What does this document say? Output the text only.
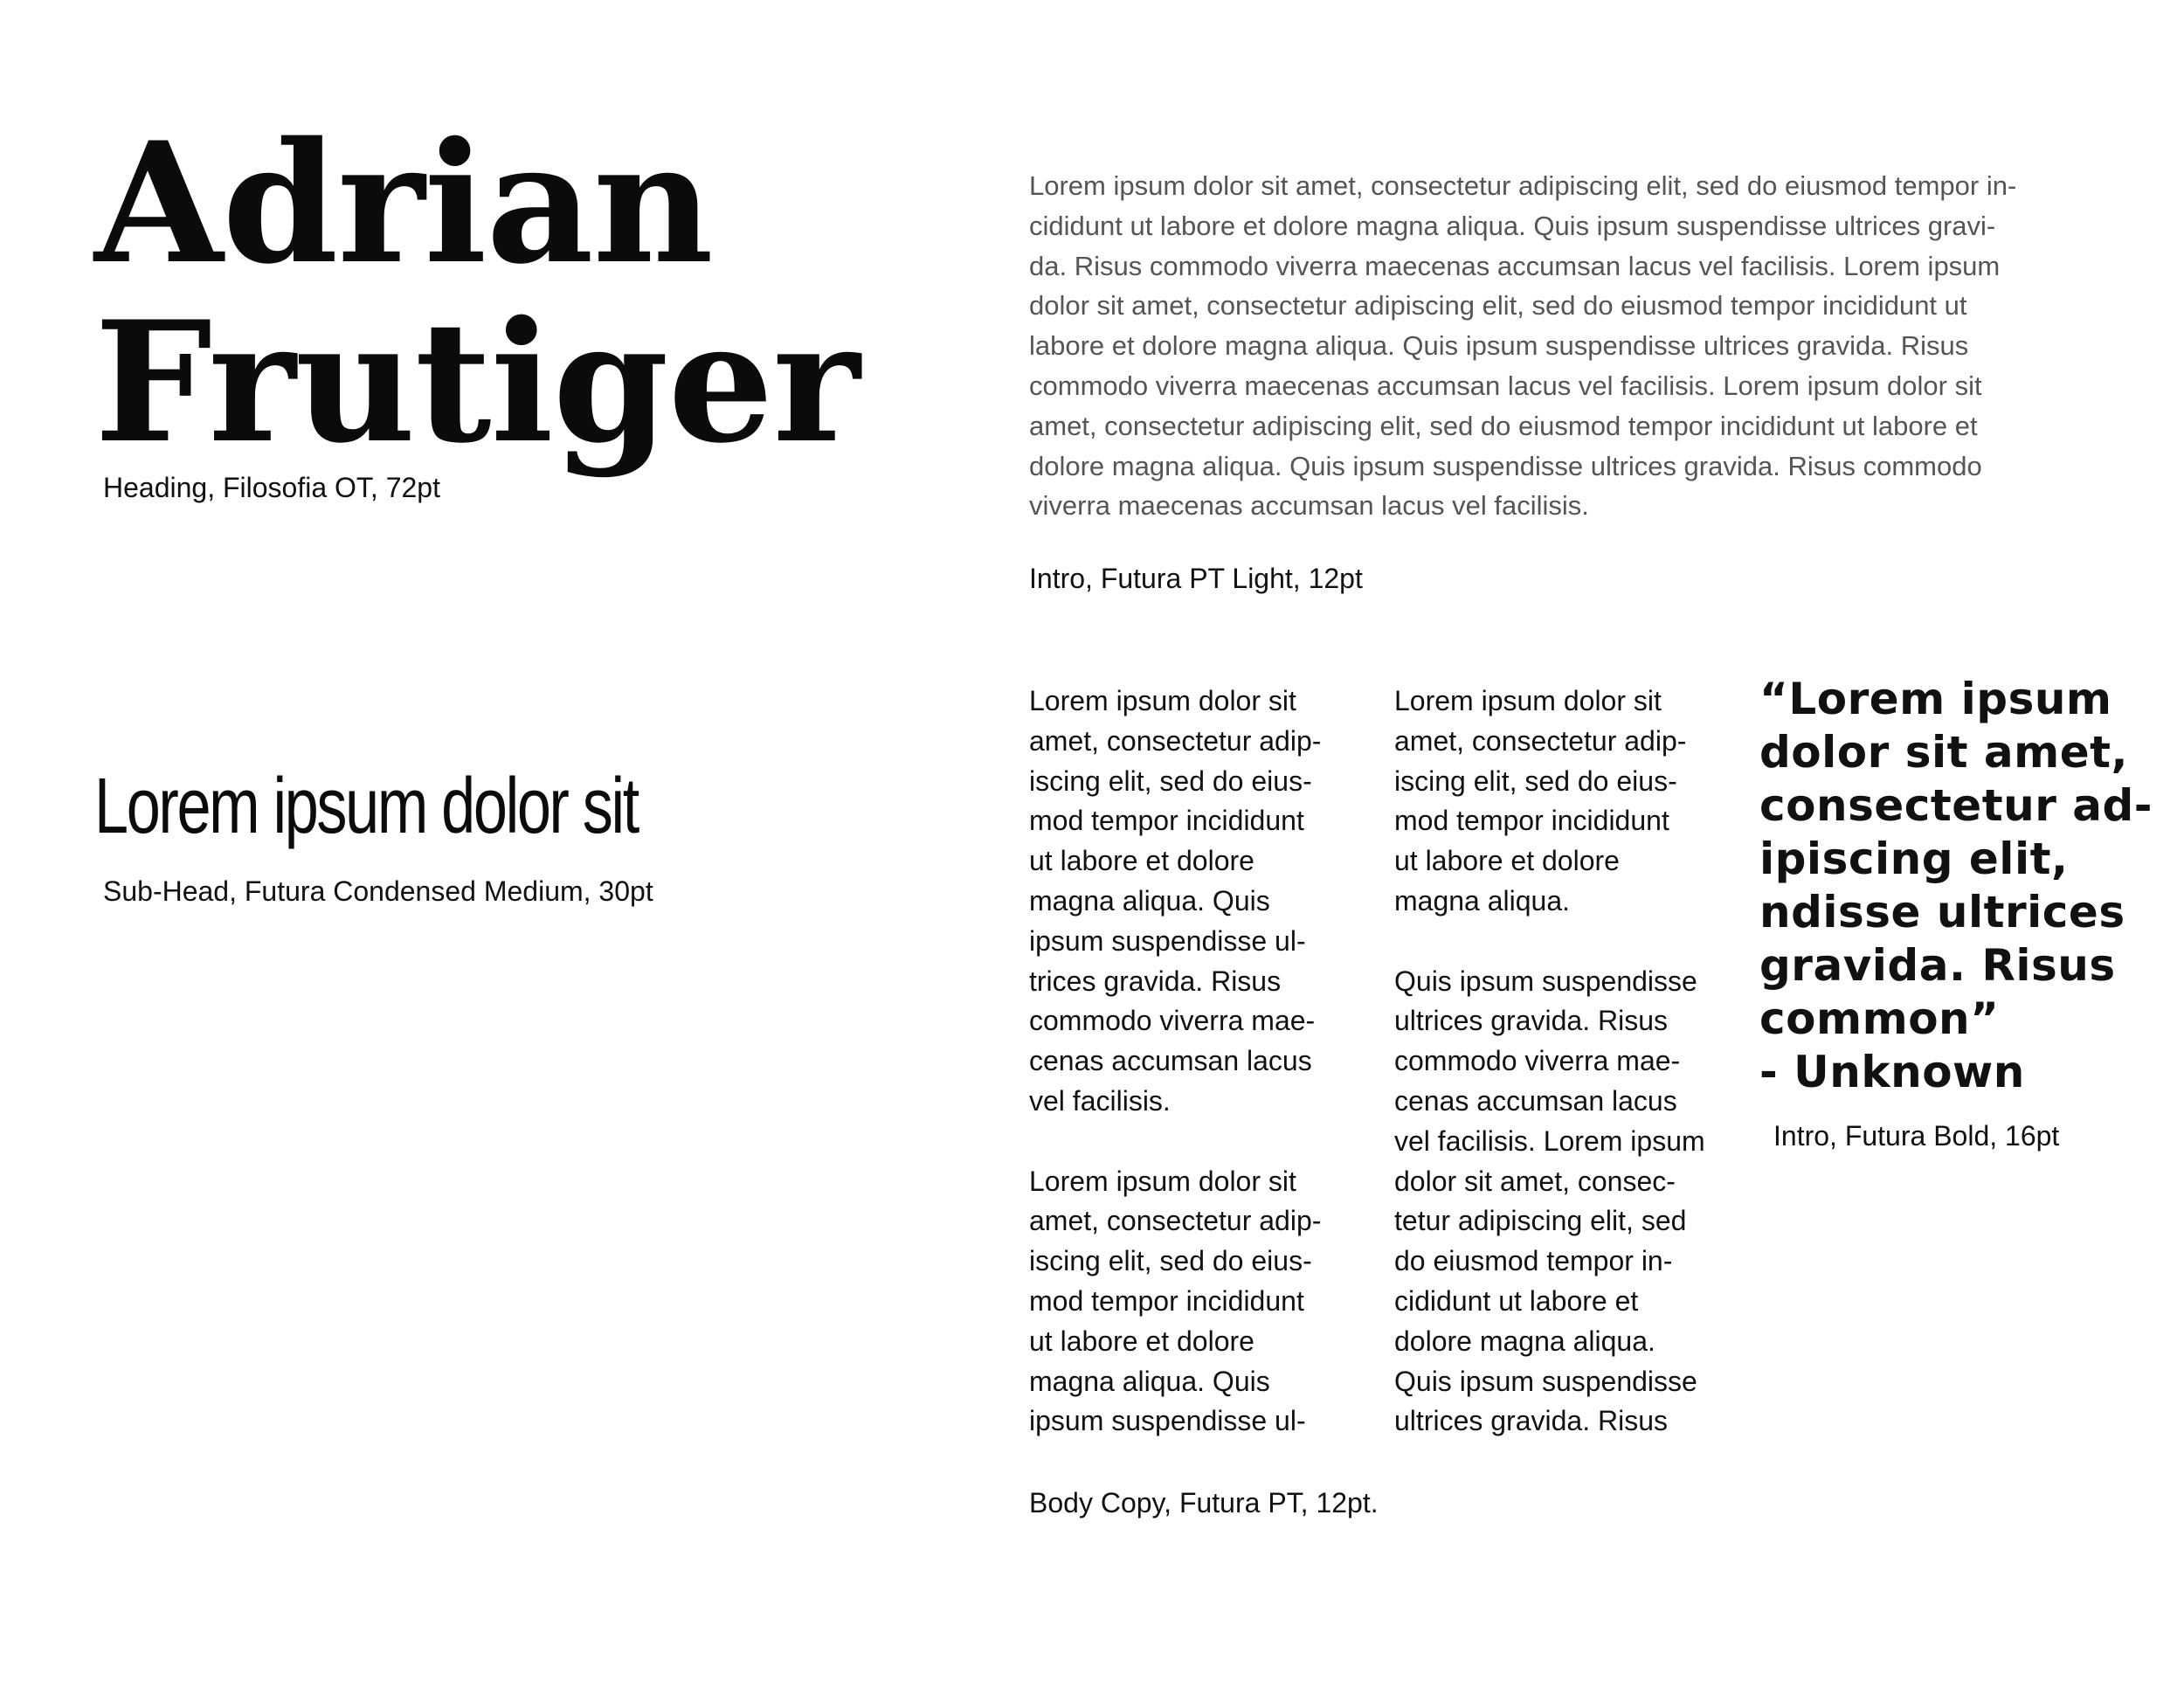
Adrian
Frutiger
Heading, Filosofia OT, 72pt
Lorem ipsum dolor sit
Sub-Head, Futura Condensed Medium, 30pt
Lorem ipsum dolor sit amet, consectetur adipiscing elit, sed do eiusmod tempor in-
cididunt ut labore et dolore magna aliqua. Quis ipsum suspendisse ultrices gravi-
da. Risus commodo viverra maecenas accumsan lacus vel facilisis. Lorem ipsum
dolor sit amet, consectetur adipiscing elit, sed do eiusmod tempor incididunt ut
labore et dolore magna aliqua. Quis ipsum suspendisse ultrices gravida. Risus
commodo viverra maecenas accumsan lacus vel facilisis. Lorem ipsum dolor sit
amet, consectetur adipiscing elit, sed do eiusmod tempor incididunt ut labore et
dolore magna aliqua. Quis ipsum suspendisse ultrices gravida. Risus commodo
viverra maecenas accumsan lacus vel facilisis.
Intro, Futura PT Light, 12pt
Lorem ipsum dolor sit
amet, consectetur adip-
iscing elit, sed do eius-
mod tempor incididunt
ut labore et dolore
magna aliqua. Quis
ipsum suspendisse ul-
trices gravida. Risus
commodo viverra mae-
cenas accumsan lacus
vel facilisis.
Lorem ipsum dolor sit
amet, consectetur adip-
iscing elit, sed do eius-
mod tempor incididunt
ut labore et dolore
magna aliqua. Quis
ipsum suspendisse ul-
Lorem ipsum dolor sit
amet, consectetur adip-
iscing elit, sed do eius-
mod tempor incididunt
ut labore et dolore
magna aliqua.
Quis ipsum suspendisse
ultrices gravida. Risus
commodo viverra mae-
cenas accumsan lacus
vel facilisis. Lorem ipsum
dolor sit amet, consec-
tetur adipiscing elit, sed
do eiusmod tempor in-
cididunt ut labore et
dolore magna aliqua.
Quis ipsum suspendisse
ultrices gravida. Risus
Body Copy, Futura PT, 12pt.
“Lorem ipsum
dolor sit amet,
consectetur ad-
ipiscing elit,
ndisse ultrices
gravida. Risus
common”
- Unknown
Intro, Futura Bold, 16pt
